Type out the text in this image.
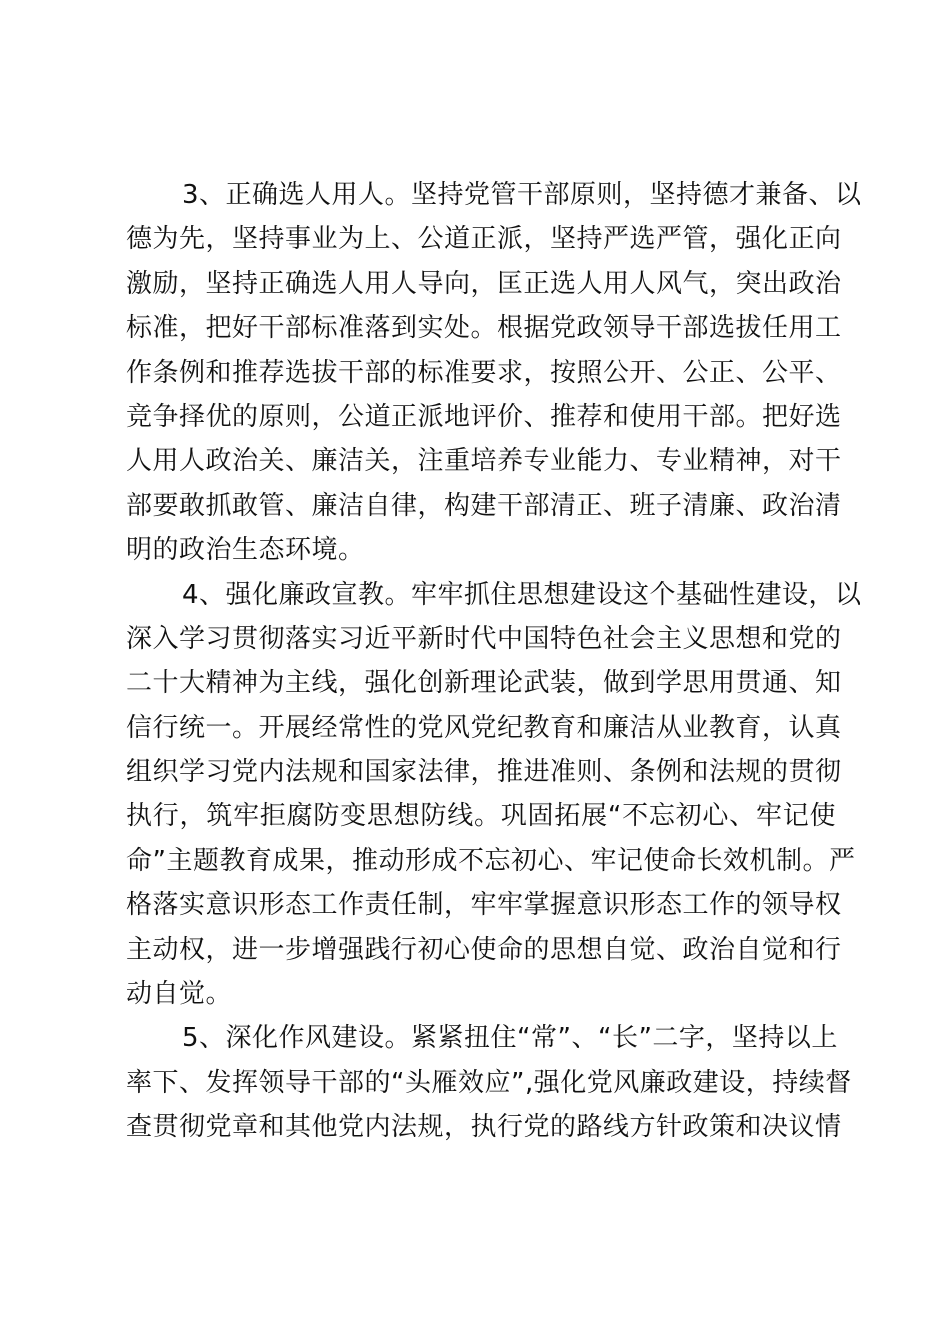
3、正确选人用人。坚持党管干部原则，坚持德才兼备、以
德为先，坚持事业为上、公道正派，坚持严选严管，强化正向
激励，坚持正确选人用人导向，匡正选人用人风气，突出政治
标准，把好干部标准落到实处。根据党政领导干部选拔任用工
作条例和推荐选拔干部的标准要求，按照公开、公正、公平、
竞争择优的原则，公道正派地评价、推荐和使用干部。把好选
人用人政治关、廉洁关，注重培养专业能力、专业精神，对干
部要敢抓敢管、廉洁自律，构建干部清正、班子清廉、政治清
明的政治生态环境。
4、强化廉政宣教。牢牢抓住思想建设这个基础性建设，以
深入学习贯彻落实习近平新时代中国特色社会主义思想和党的
二十大精神为主线，强化创新理论武装，做到学思用贯通、知
信行统一。开展经常性的党风党纪教育和廉洁从业教育，认真
组织学习党内法规和国家法律，推进准则、条例和法规的贯彻
执行，筑牢拒腐防变思想防线。巩固拓展“不忘初心、牢记使
命”主题教育成果，推动形成不忘初心、牢记使命长效机制。严
格落实意识形态工作责任制，牢牢掌握意识形态工作的领导权
主动权，进一步增强践行初心使命的思想自觉、政治自觉和行
动自觉。
5、深化作风建设。紧紧扭住“常”、“长”二字，坚持以上
率下、发挥领导干部的“头雁效应”,强化党风廉政建设，持续督
查贯彻党章和其他党内法规，执行党的路线方针政策和决议情
